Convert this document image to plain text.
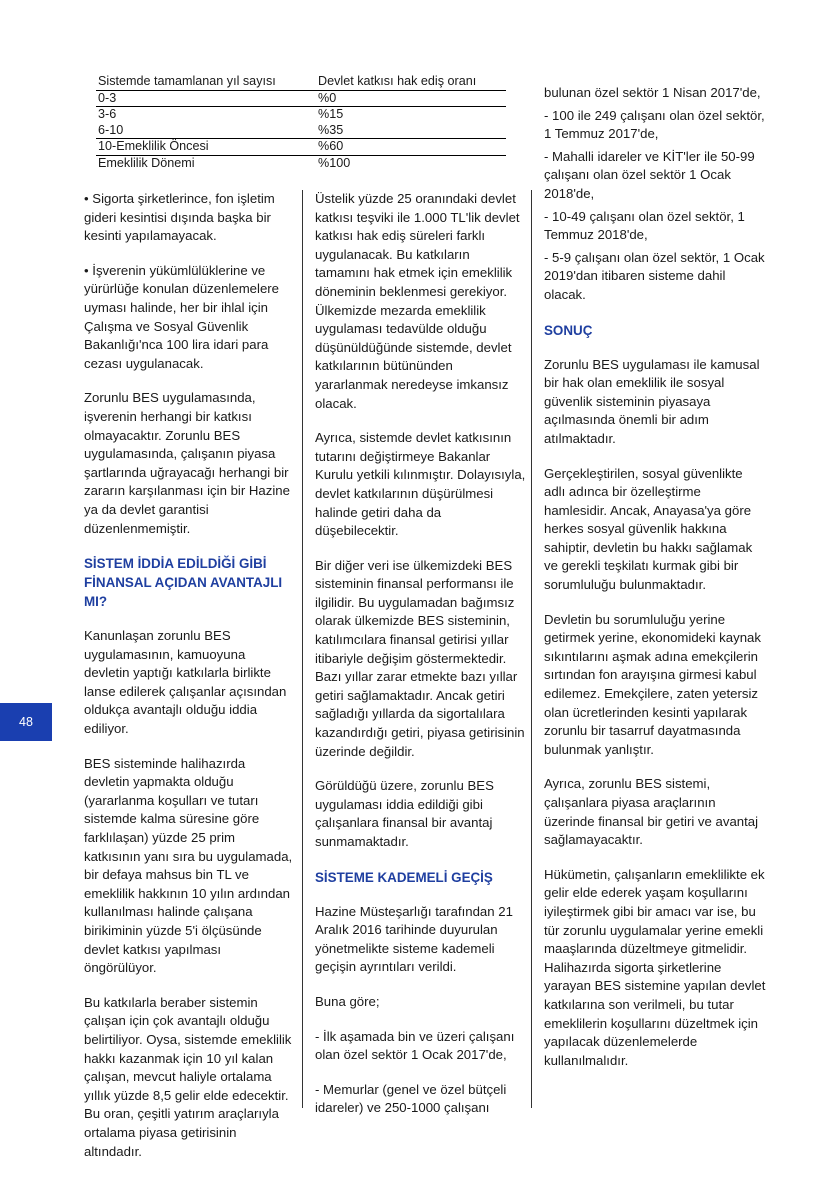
Sistemde tamamlanan yıl sayısı	Devlet katkısı hak ediş oranı
0-3	%0
3-6	%15
6-10	%35
10-Emeklilik Öncesi	%60
Emeklilik Dönemi	%100
48

• Sigorta şirketlerince, fon işletim gideri kesintisi dışında başka bir kesinti yapılamayacak.

• İşverenin yükümlülüklerine ve yürürlüğe konulan düzenlemelere uyması halinde, her bir ihlal için Çalışma ve Sosyal Güvenlik Bakanlığı'nca 100 lira idari para cezası uygulanacak.

Zorunlu BES uygulamasında, işverenin herhangi bir katkısı olmayacaktır. Zorunlu BES uygulamasında, çalışanın piyasa şartlarında uğrayacağı herhangi bir zararın karşılanması için bir Hazine ya da devlet garantisi düzenlenmemiştir.

SİSTEM İDDİA EDİLDİĞİ GİBİ FİNANSAL AÇIDAN AVANTAJLI MI?

Kanunlaşan zorunlu BES uygulamasının, kamuoyuna devletin yaptığı katkılarla birlikte lanse edilerek çalışanlar açısından oldukça avantajlı olduğu iddia ediliyor.

BES sisteminde halihazırda devletin yapmakta olduğu (yararlanma koşulları ve tutarı sistemde kalma süresine göre farklılaşan) yüzde 25 prim katkısının yanı sıra bu uygulamada, bir defaya mahsus bin TL ve emeklilik hakkının 10 yılın ardından kullanılması halinde çalışana birikiminin yüzde 5'i ölçüsünde devlet katkısı yapılması öngörülüyor.

Bu katkılarla beraber sistemin çalışan için çok avantajlı olduğu belirtiliyor. Oysa, sistemde emeklilik hakkı kazanmak için 10 yıl kalan çalışan, mevcut haliyle ortalama yıllık yüzde 8,5 gelir elde edecektir. Bu oran, çeşitli yatırım araçlarıyla ortalama piyasa getirisinin altındadır.

Üstelik yüzde 25 oranındaki devlet katkısı teşviki ile 1.000 TL'lik devlet katkısı hak ediş süreleri farklı uygulanacak. Bu katkıların tamamını hak etmek için emeklilik döneminin beklenmesi gerekiyor. Ülkemizde mezarda emeklilik uygulaması tedavülde olduğu düşünüldüğünde sistemde, devlet katkılarının bütününden yararlanmak neredeyse imkansız olacak.

Ayrıca, sistemde devlet katkısının tutarını değiştirmeye Bakanlar Kurulu yetkili kılınmıştır. Dolayısıyla, devlet katkılarının düşürülmesi halinde getiri daha da düşebilecektir.

Bir diğer veri ise ülkemizdeki BES sisteminin finansal performansı ile ilgilidir. Bu uygulamadan bağımsız olarak ülkemizde BES sisteminin, katılımcılara finansal getirisi yıllar itibariyle değişim göstermektedir. Bazı yıllar zarar etmekte bazı yıllar getiri sağlamaktadır. Ancak getiri sağladığı yıllarda da sigortalılara kazandırdığı getiri, piyasa getirisinin üzerinde değildir.

Görüldüğü üzere, zorunlu BES uygulaması iddia edildiği gibi çalışanlara finansal bir avantaj sunmamaktadır.

SİSTEME KADEMELİ GEÇİŞ

Hazine Müsteşarlığı tarafından 21 Aralık 2016 tarihinde duyurulan yönetmelikte sisteme kademeli geçişin ayrıntıları verildi.

Buna göre;

- İlk aşamada bin ve üzeri çalışanı olan özel sektör 1 Ocak 2017'de,

- Memurlar (genel ve özel bütçeli idareler) ve 250-1000 çalışanı

bulunan özel sektör 1 Nisan 2017'de,

- 100 ile 249 çalışanı olan özel sektör, 1 Temmuz 2017'de,

- Mahalli idareler ve KİT'ler ile 50-99 çalışanı olan özel sektör 1 Ocak 2018'de,

- 10-49 çalışanı olan özel sektör, 1 Temmuz 2018'de,

- 5-9 çalışanı olan özel sektör, 1 Ocak 2019'dan itibaren sisteme dahil olacak.

SONUÇ

Zorunlu BES uygulaması ile kamusal bir hak olan emeklilik ile sosyal güvenlik sisteminin piyasaya açılmasında önemli bir adım atılmaktadır.

Gerçekleştirilen, sosyal güvenlikte adlı adınca bir özelleştirme hamlesidir. Ancak, Anayasa'ya göre herkes sosyal güvenlik hakkına sahiptir, devletin bu hakkı sağlamak ve gerekli teşkilatı kurmak gibi bir sorumluluğu bulunmaktadır.

Devletin bu sorumluluğu yerine getirmek yerine, ekonomideki kaynak sıkıntılarını aşmak adına emekçilerin sırtından fon arayışına girmesi kabul edilemez. Emekçilere, zaten yetersiz olan ücretlerinden kesinti yapılarak zorunlu bir tasarruf dayatmasında bulunmak yanlıştır.

Ayrıca, zorunlu BES sistemi, çalışanlara piyasa araçlarının üzerinde finansal bir getiri ve avantaj sağlamayacaktır.

Hükümetin, çalışanların emeklilikte ek gelir elde ederek yaşam koşullarını iyileştirmek gibi bir amacı var ise, bu tür zorunlu uygulamalar yerine emekli maaşlarında düzeltmeye gitmelidir. Halihazırda sigorta şirketlerine yarayan BES sistemine yapılan devlet katkılarına son verilmeli, bu tutar emeklilerin koşullarını düzeltmek için yapılacak düzenlemelerde kullanılmalıdır.
